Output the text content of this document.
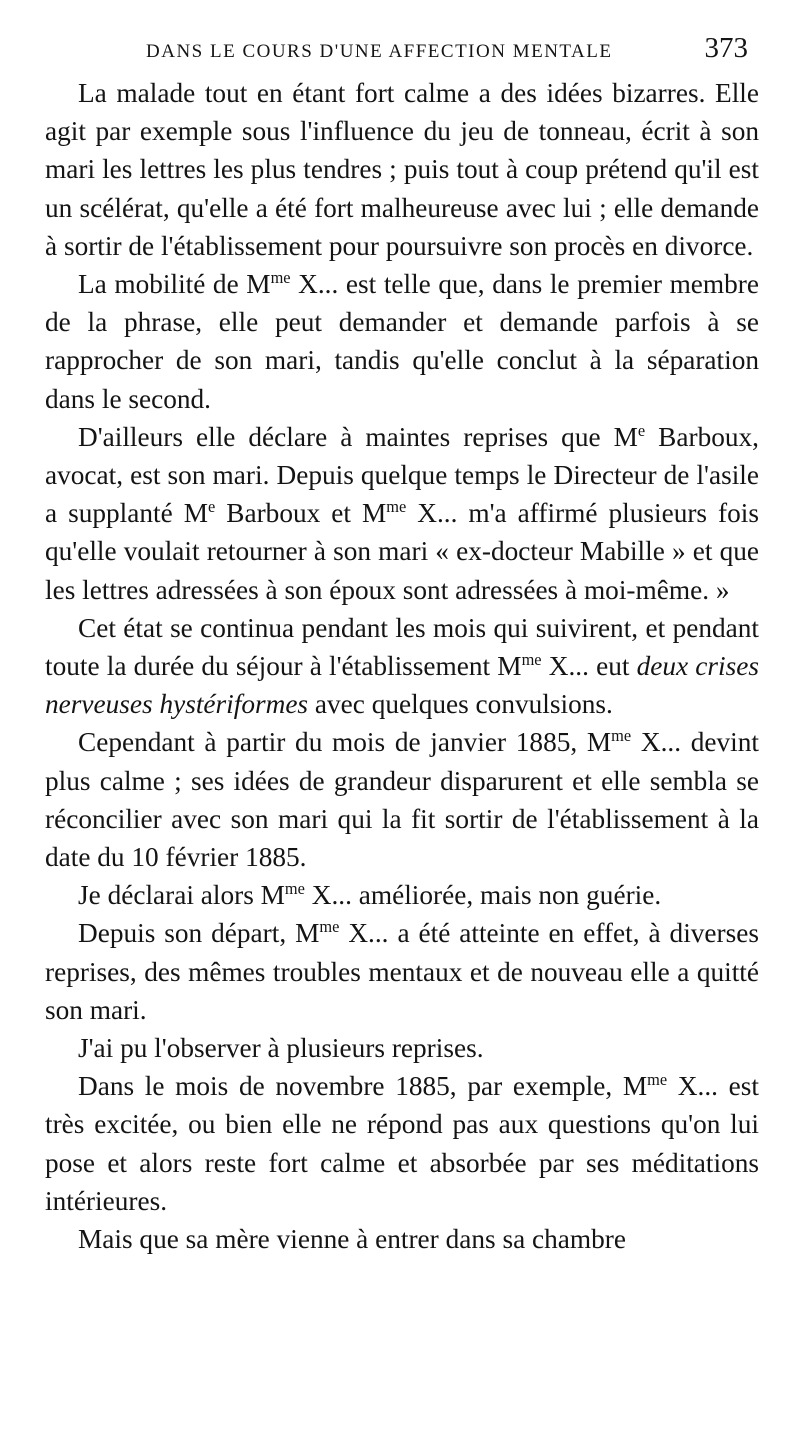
DANS LE COURS D'UNE AFFECTION MENTALE	373

La malade tout en étant fort calme a des idées bizarres. Elle agit par exemple sous l'influence du jeu de tonneau, écrit à son mari les lettres les plus tendres ; puis tout à coup prétend qu'il est un scélérat, qu'elle a été fort malheureuse avec lui ; elle demande à sortir de l'établissement pour poursuivre son procès en divorce.

La mobilité de $M^{me}$ X... est telle que, dans le premier membre de la phrase, elle peut demander et demande parfois à se rapprocher de son mari, tandis qu'elle conclut à la séparation dans le second.

D'ailleurs elle déclare à maintes reprises que Me Barboux, avocat, est son mari. Depuis quelque temps le Directeur de l'asile a supplanté Me Barboux et $M^{me}$ X... m'a affirmé plusieurs fois qu'elle voulait retourner à son mari « ex-docteur Mabille » et que les lettres adressées à son époux sont adressées à moi-même. »

Cet état se continua pendant les mois qui suivirent, et pendant toute la durée du séjour à l'établissement $M^{me}$ X... eut deux crises nerveuses hystériformes avec quelques convulsions.

Cependant à partir du mois de janvier 1885, $M^{me}$ X... devint plus calme ; ses idées de grandeur disparurent et elle sembla se réconcilier avec son mari qui la fit sortir de l'établissement à la date du 10 février 1885.

Je déclarai alors $M^{me}$ X... améliorée, mais non guérie.

Depuis son départ, $M^{me}$ X... a été atteinte en effet, à diverses reprises, des mêmes troubles mentaux et de nouveau elle a quitté son mari.

J'ai pu l'observer à plusieurs reprises.

Dans le mois de novembre 1885, par exemple, $M^{me}$ X... est très excitée, ou bien elle ne répond pas aux questions qu'on lui pose et alors reste fort calme et absorbée par ses méditations intérieures.

Mais que sa mère vienne à entrer dans sa chambre
